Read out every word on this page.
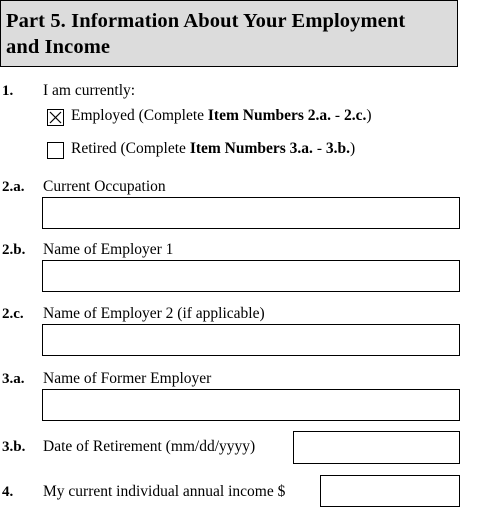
Part 5. Information About Your Employment
and Income
1. I am currently:
Employed (Complete Item Numbers 2.a. - 2.c.)
Retired (Complete Item Numbers 3.a. - 3.b.)
2.a. Current Occupation
2.b. Name of Employer 1
2.c. Name of Employer 2 (if applicable)
3.a. Name of Former Employer
3.b. Date of Retirement (mm/dd/yyyy)
4. My current individual annual income $
